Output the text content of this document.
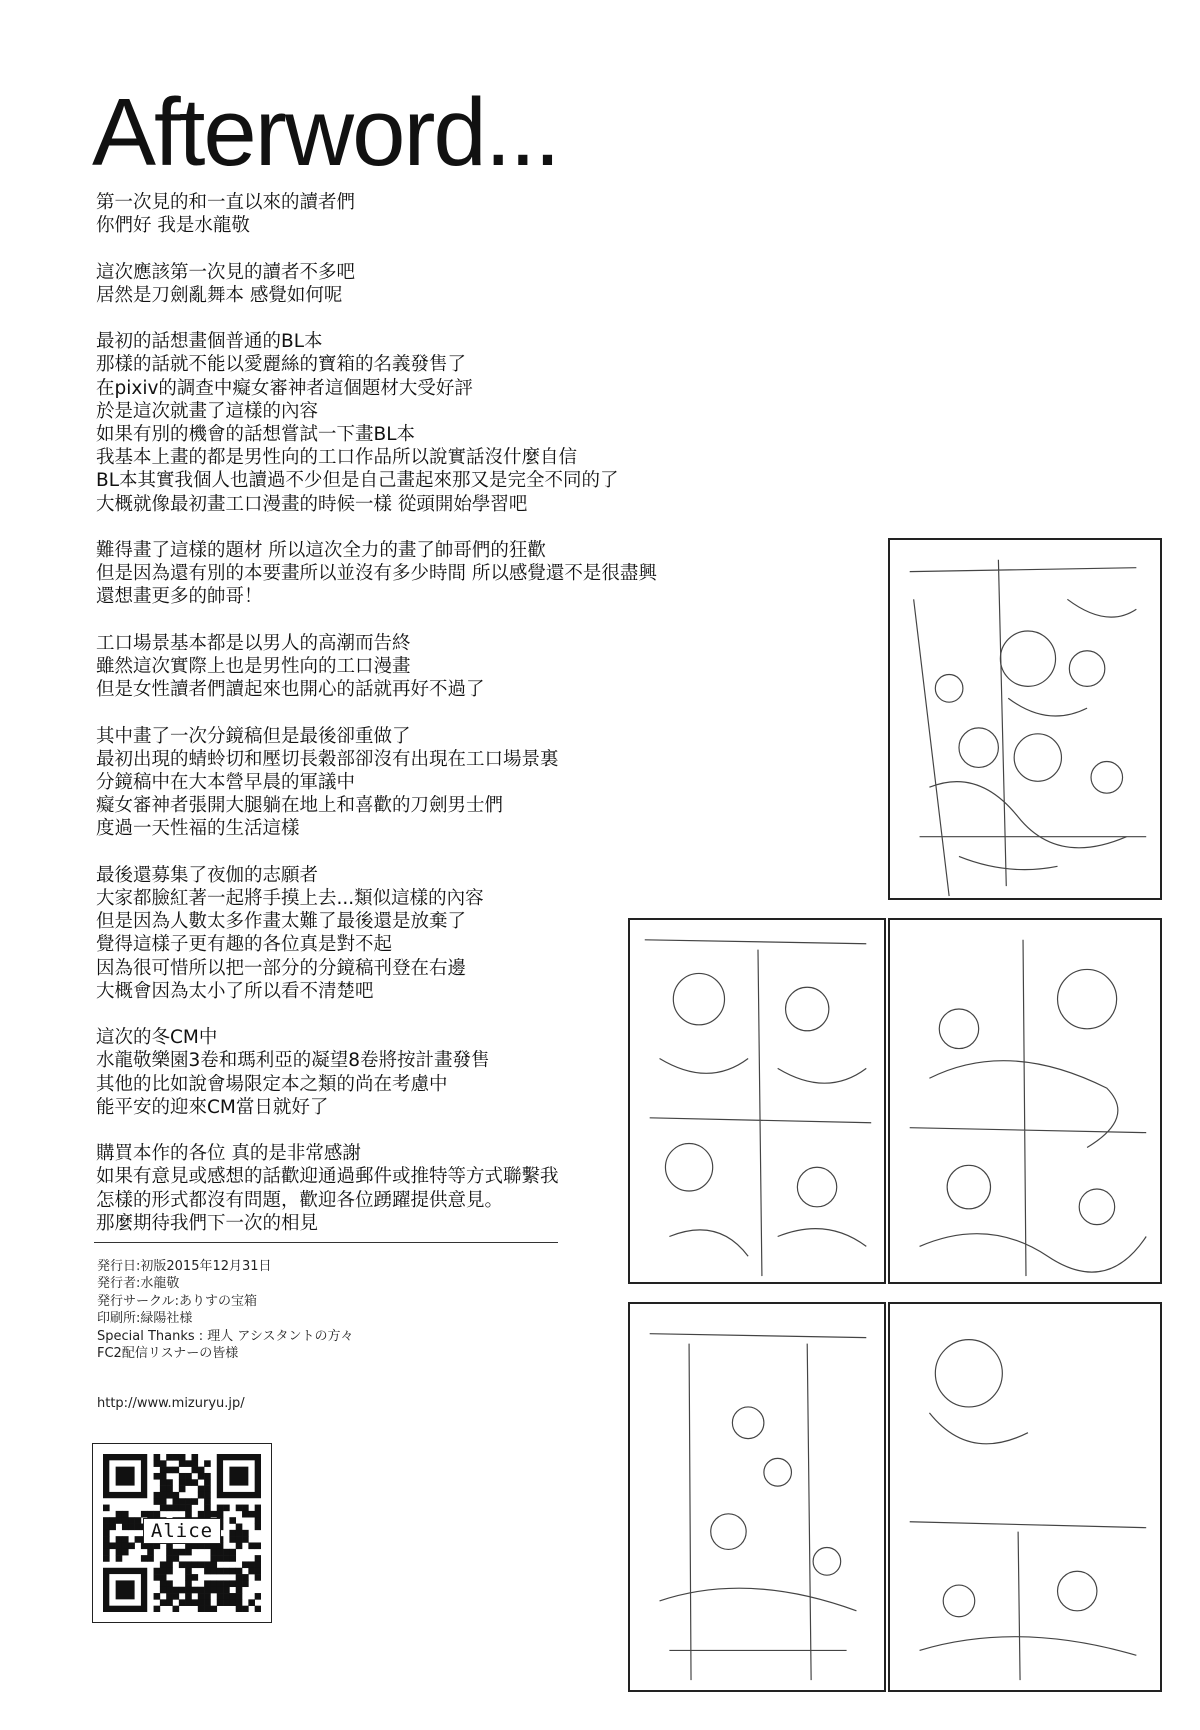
Afterword...
第一次見的和一直以來的讀者們
你們好 我是水龍敬
這次應該第一次見的讀者不多吧
居然是刀劍亂舞本 感覺如何呢
最初的話想畫個普通的BL本
那樣的話就不能以愛麗絲的寶箱的名義發售了
在pixiv的調查中癡女審神者這個題材大受好評
於是這次就畫了這樣的內容
如果有別的機會的話想嘗試一下畫BL本
我基本上畫的都是男性向的工口作品所以說實話沒什麼自信
BL本其實我個人也讀過不少但是自己畫起來那又是完全不同的了
大概就像最初畫工口漫畫的時候一樣 從頭開始學習吧
難得畫了這樣的題材 所以這次全力的畫了帥哥們的狂歡
但是因為還有別的本要畫所以並沒有多少時間 所以感覺還不是很盡興
還想畫更多的帥哥！
工口場景基本都是以男人的高潮而告終
雖然這次實際上也是男性向的工口漫畫
但是女性讀者們讀起來也開心的話就再好不過了
其中畫了一次分鏡稿但是最後卻重做了
最初出現的蜻蛉切和壓切長穀部卻沒有出現在工口場景裏
分鏡稿中在大本營早晨的軍議中
癡女審神者張開大腿躺在地上和喜歡的刀劍男士們
度過一天性福的生活這樣
最後還募集了夜伽的志願者
大家都臉紅著一起將手摸上去...類似這樣的內容
但是因為人數太多作畫太難了最後還是放棄了
覺得這樣子更有趣的各位真是對不起
因為很可惜所以把一部分的分鏡稿刊登在右邊
大概會因為太小了所以看不清楚吧
這次的冬CM中
水龍敬樂園3卷和瑪利亞的凝望8卷將按計畫發售
其他的比如說會場限定本之類的尚在考慮中
能平安的迎來CM當日就好了
購買本作的各位 真的是非常感謝
如果有意見或感想的話歡迎通過郵件或推特等方式聯繫我
怎樣的形式都沒有問題，歡迎各位踴躍提供意見。
那麼期待我們下一次的相見
発行日:初版2015年12月31日
発行者:水龍敬
発行サークル:ありすの宝箱
印刷所:緑陽社様
Special Thanks : 理人 アシスタントの方々
FC2配信リスナーの皆様
http://www.mizuryu.jp/
Alice
